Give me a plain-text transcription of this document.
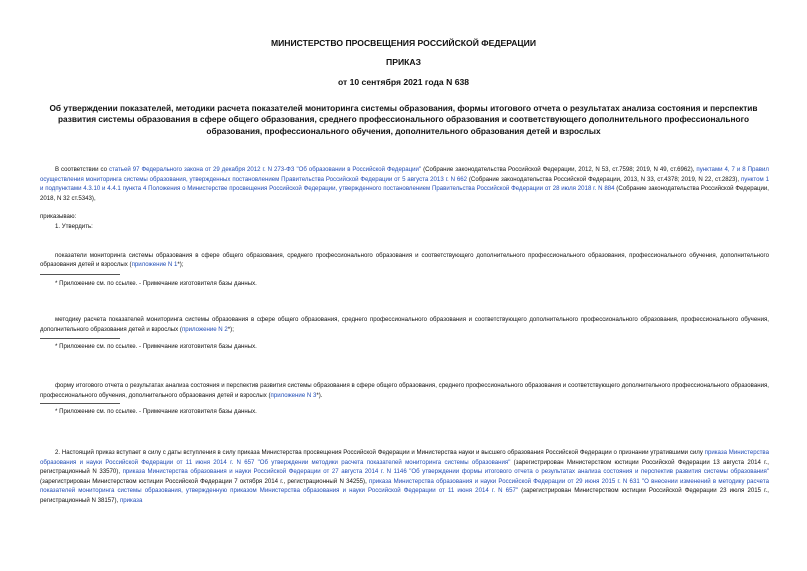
МИНИСТЕРСТВО ПРОСВЕЩЕНИЯ РОССИЙСКОЙ ФЕДЕРАЦИИ
ПРИКАЗ
от 10 сентября 2021 года N 638
Об утверждении показателей, методики расчета показателей мониторинга системы образования, формы итогового отчета о результатах анализа состояния и перспектив развития системы образования в сфере общего образования, среднего профессионального образования и соответствующего дополнительного профессионального образования, профессионального обучения, дополнительного образования детей и взрослых

В соответствии со статьей 97 Федерального закона от 29 декабря 2012 г. N 273-ФЗ "Об образовании в Российской Федерации" (Собрание законодательства Российской Федерации, 2012, N 53, ст.7598; 2019, N 49, ст.6962), пунктами 4, 7 и 8 Правил осуществления мониторинга системы образования, утвержденных постановлением Правительства Российской Федерации от 5 августа 2013 г. N 662 (Собрание законодательства Российской Федерации, 2013, N 33, ст.4378; 2019, N 22, ст.2823), пунктом 1 и подпунктами 4.3.10 и 4.4.1 пункта 4 Положения о Министерстве просвещения Российской Федерации, утвержденного постановлением Правительства Российской Федерации от 28 июля 2018 г. N 884 (Собрание законодательства Российской Федерации, 2018, N 32 ст.5343),

приказываю:

1. Утвердить:

показатели мониторинга системы образования в сфере общего образования, среднего профессионального образования и соответствующего дополнительного профессионального образования, профессионального обучения, дополнительного образования детей и взрослых (приложение N 1*);

* Приложение см. по ссылке. - Примечание изготовителя базы данных.

методику расчета показателей мониторинга системы образования в сфере общего образования, среднего профессионального образования и соответствующего дополнительного профессионального образования, профессионального обучения, дополнительного образования детей и взрослых (приложение N 2*);

* Приложение см. по ссылке. - Примечание изготовителя базы данных.

форму итогового отчета о результатах анализа состояния и перспектив развития системы образования в сфере общего образования, среднего профессионального образования и соответствующего дополнительного профессионального образования, профессионального обучения, дополнительного образования детей и взрослых (приложение N 3*).

* Приложение см. по ссылке. - Примечание изготовителя базы данных.

2. Настоящий приказ вступает в силу с даты вступления в силу приказа Министерства просвещения Российской Федерации и Министерства науки и высшего образования Российской Федерации о признании утратившими силу приказа Министерства образования и науки Российской Федерации от 11 июня 2014 г. N 657 "Об утверждении методики расчета показателей мониторинга системы образования" (зарегистрирован Министерством юстиции Российской Федерации 13 августа 2014 г., регистрационный N 33570), приказа Министерства образования и науки Российской Федерации от 27 августа 2014 г. N 1146 "Об утверждении формы итогового отчета о результатах анализа состояния и перспектив развития системы образования" (зарегистрирован Министерством юстиции Российской Федерации 7 октября 2014 г., регистрационный N 34255), приказа Министерства образования и науки Российской Федерации от 29 июня 2015 г. N 631 "О внесении изменений в методику расчета показателей мониторинга системы образования, утвержденную приказом Министерства образования и науки Российской Федерации от 11 июня 2014 г. N 657" (зарегистрирован Министерством юстиции Российской Федерации 23 июля 2015 г., регистрационный N 38157), приказа
